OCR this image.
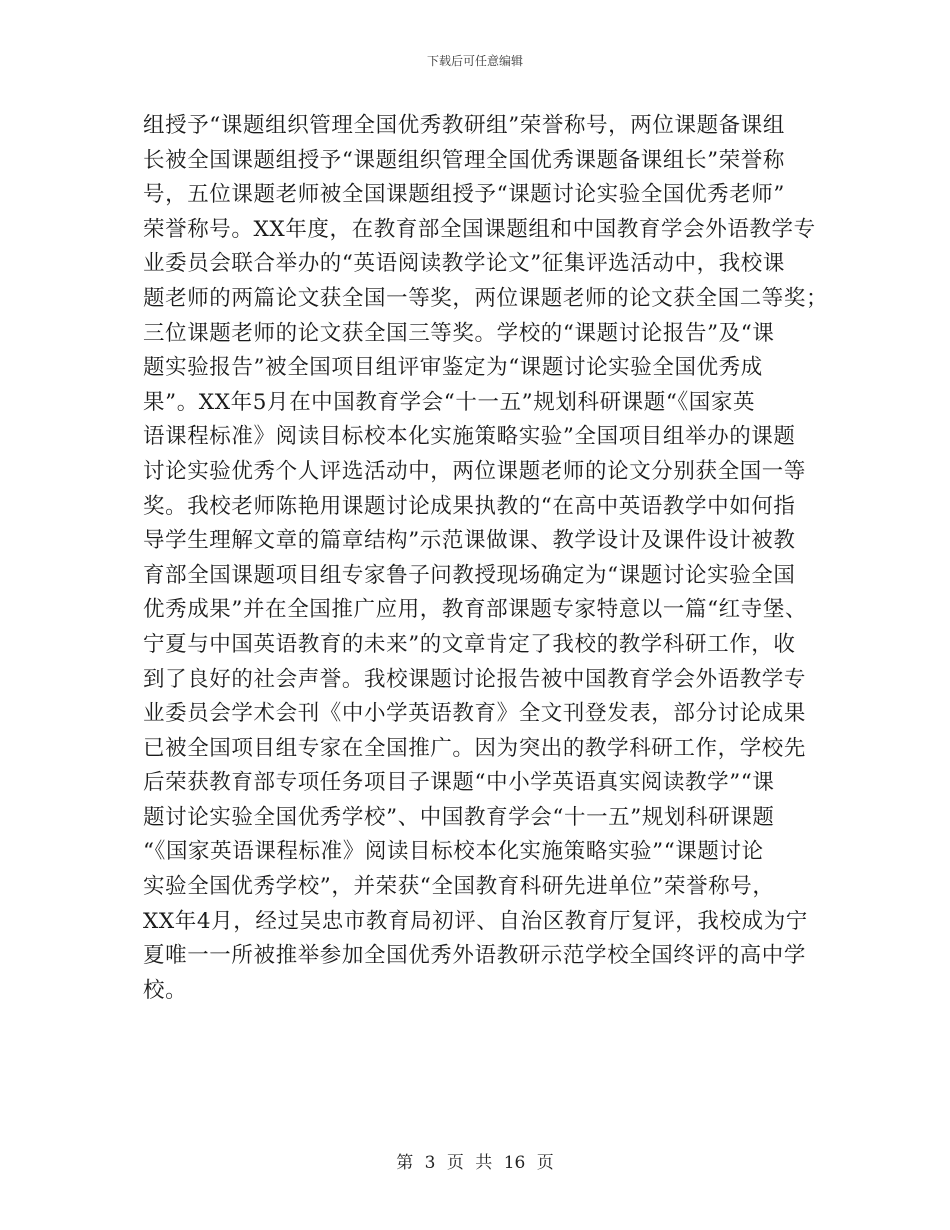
下载后可任意编辑
组授予“课题组织管理全国优秀教研组”荣誉称号，两位课题备课组
长被全国课题组授予“课题组织管理全国优秀课题备课组长”荣誉称
号，五位课题老师被全国课题组授予“课题讨论实验全国优秀老师”
荣誉称号。XX年度，在教育部全国课题组和中国教育学会外语教学专
业委员会联合举办的“英语阅读教学论文”征集评选活动中，我校课
题老师的两篇论文获全国一等奖，两位课题老师的论文获全国二等奖；
三位课题老师的论文获全国三等奖。学校的“课题讨论报告”及“课
题实验报告”被全国项目组评审鉴定为“课题讨论实验全国优秀成
果”。XX年5月在中国教育学会“十一五”规划科研课题“《国家英
语课程标准》阅读目标校本化实施策略实验”全国项目组举办的课题
讨论实验优秀个人评选活动中，两位课题老师的论文分别获全国一等
奖。我校老师陈艳用课题讨论成果执教的“在高中英语教学中如何指
导学生理解文章的篇章结构”示范课做课、教学设计及课件设计被教
育部全国课题项目组专家鲁子问教授现场确定为“课题讨论实验全国
优秀成果”并在全国推广应用，教育部课题专家特意以一篇“红寺堡、
宁夏与中国英语教育的未来”的文章肯定了我校的教学科研工作，收
到了良好的社会声誉。我校课题讨论报告被中国教育学会外语教学专
业委员会学术会刊《中小学英语教育》全文刊登发表，部分讨论成果
已被全国项目组专家在全国推广。因为突出的教学科研工作，学校先
后荣获教育部专项任务项目子课题“中小学英语真实阅读教学”“课
题讨论实验全国优秀学校”、中国教育学会“十一五”规划科研课题
“《国家英语课程标准》阅读目标校本化实施策略实验”“课题讨论
实验全国优秀学校”，并荣获“全国教育科研先进单位”荣誉称号，
XX年4月，经过吴忠市教育局初评、自治区教育厅复评，我校成为宁
夏唯一一所被推举参加全国优秀外语教研示范学校全国终评的高中学
校。
第 3 页 共 16 页
